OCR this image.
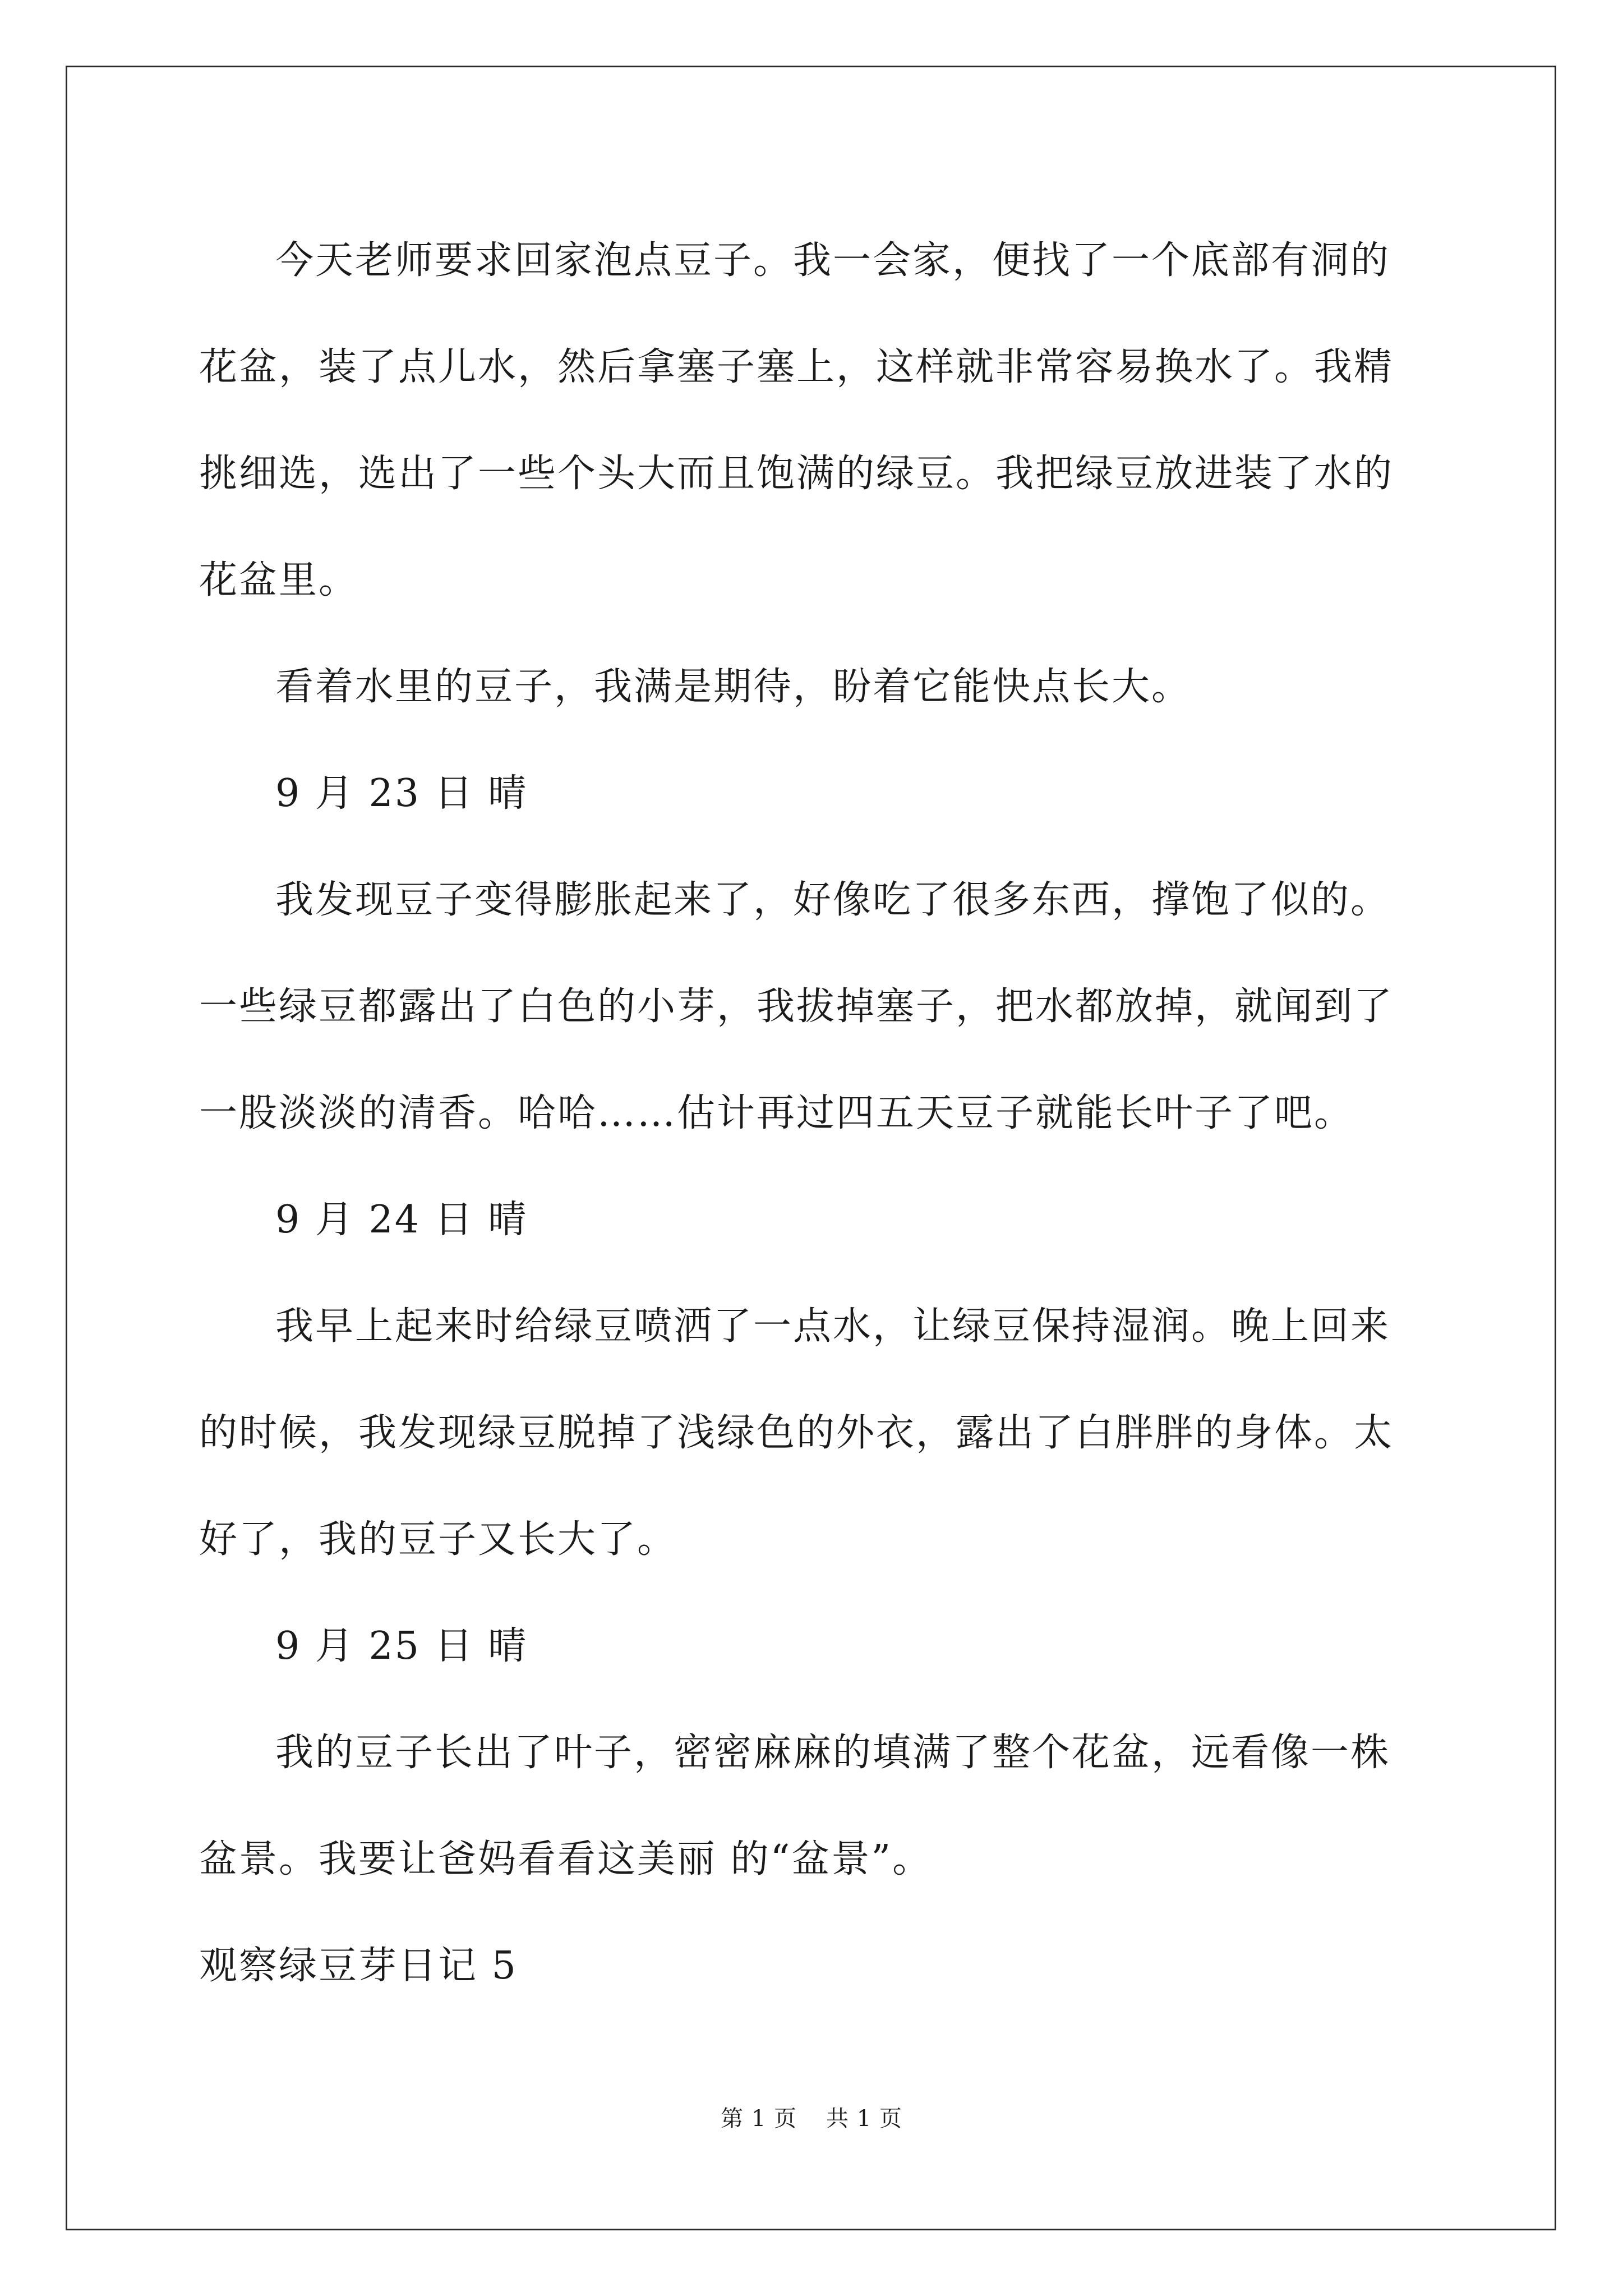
今天老师要求回家泡点豆子。我一会家，便找了一个底部有洞的

花盆，装了点儿水，然后拿塞子塞上，这样就非常容易换水了。我精

挑细选，选出了一些个头大而且饱满的绿豆。我把绿豆放进装了水的

花盆里。

看着水里的豆子，我满是期待，盼着它能快点长大。

9 月 23 日 晴

我发现豆子变得膨胀起来了，好像吃了很多东西，撑饱了似的。

一些绿豆都露出了白色的小芽，我拔掉塞子，把水都放掉，就闻到了

一股淡淡的清香。哈哈……估计再过四五天豆子就能长叶子了吧。

9 月 24 日 晴

我早上起来时给绿豆喷洒了一点水，让绿豆保持湿润。晚上回来

的时候，我发现绿豆脱掉了浅绿色的外衣，露出了白胖胖的身体。太

好了，我的豆子又长大了。

9 月 25 日 晴

我的豆子长出了叶子，密密麻麻的填满了整个花盆，远看像一株

盆景。我要让爸妈看看这美丽 的“盆景”。

观察绿豆芽日记 5

第 1 页 共 1 页
